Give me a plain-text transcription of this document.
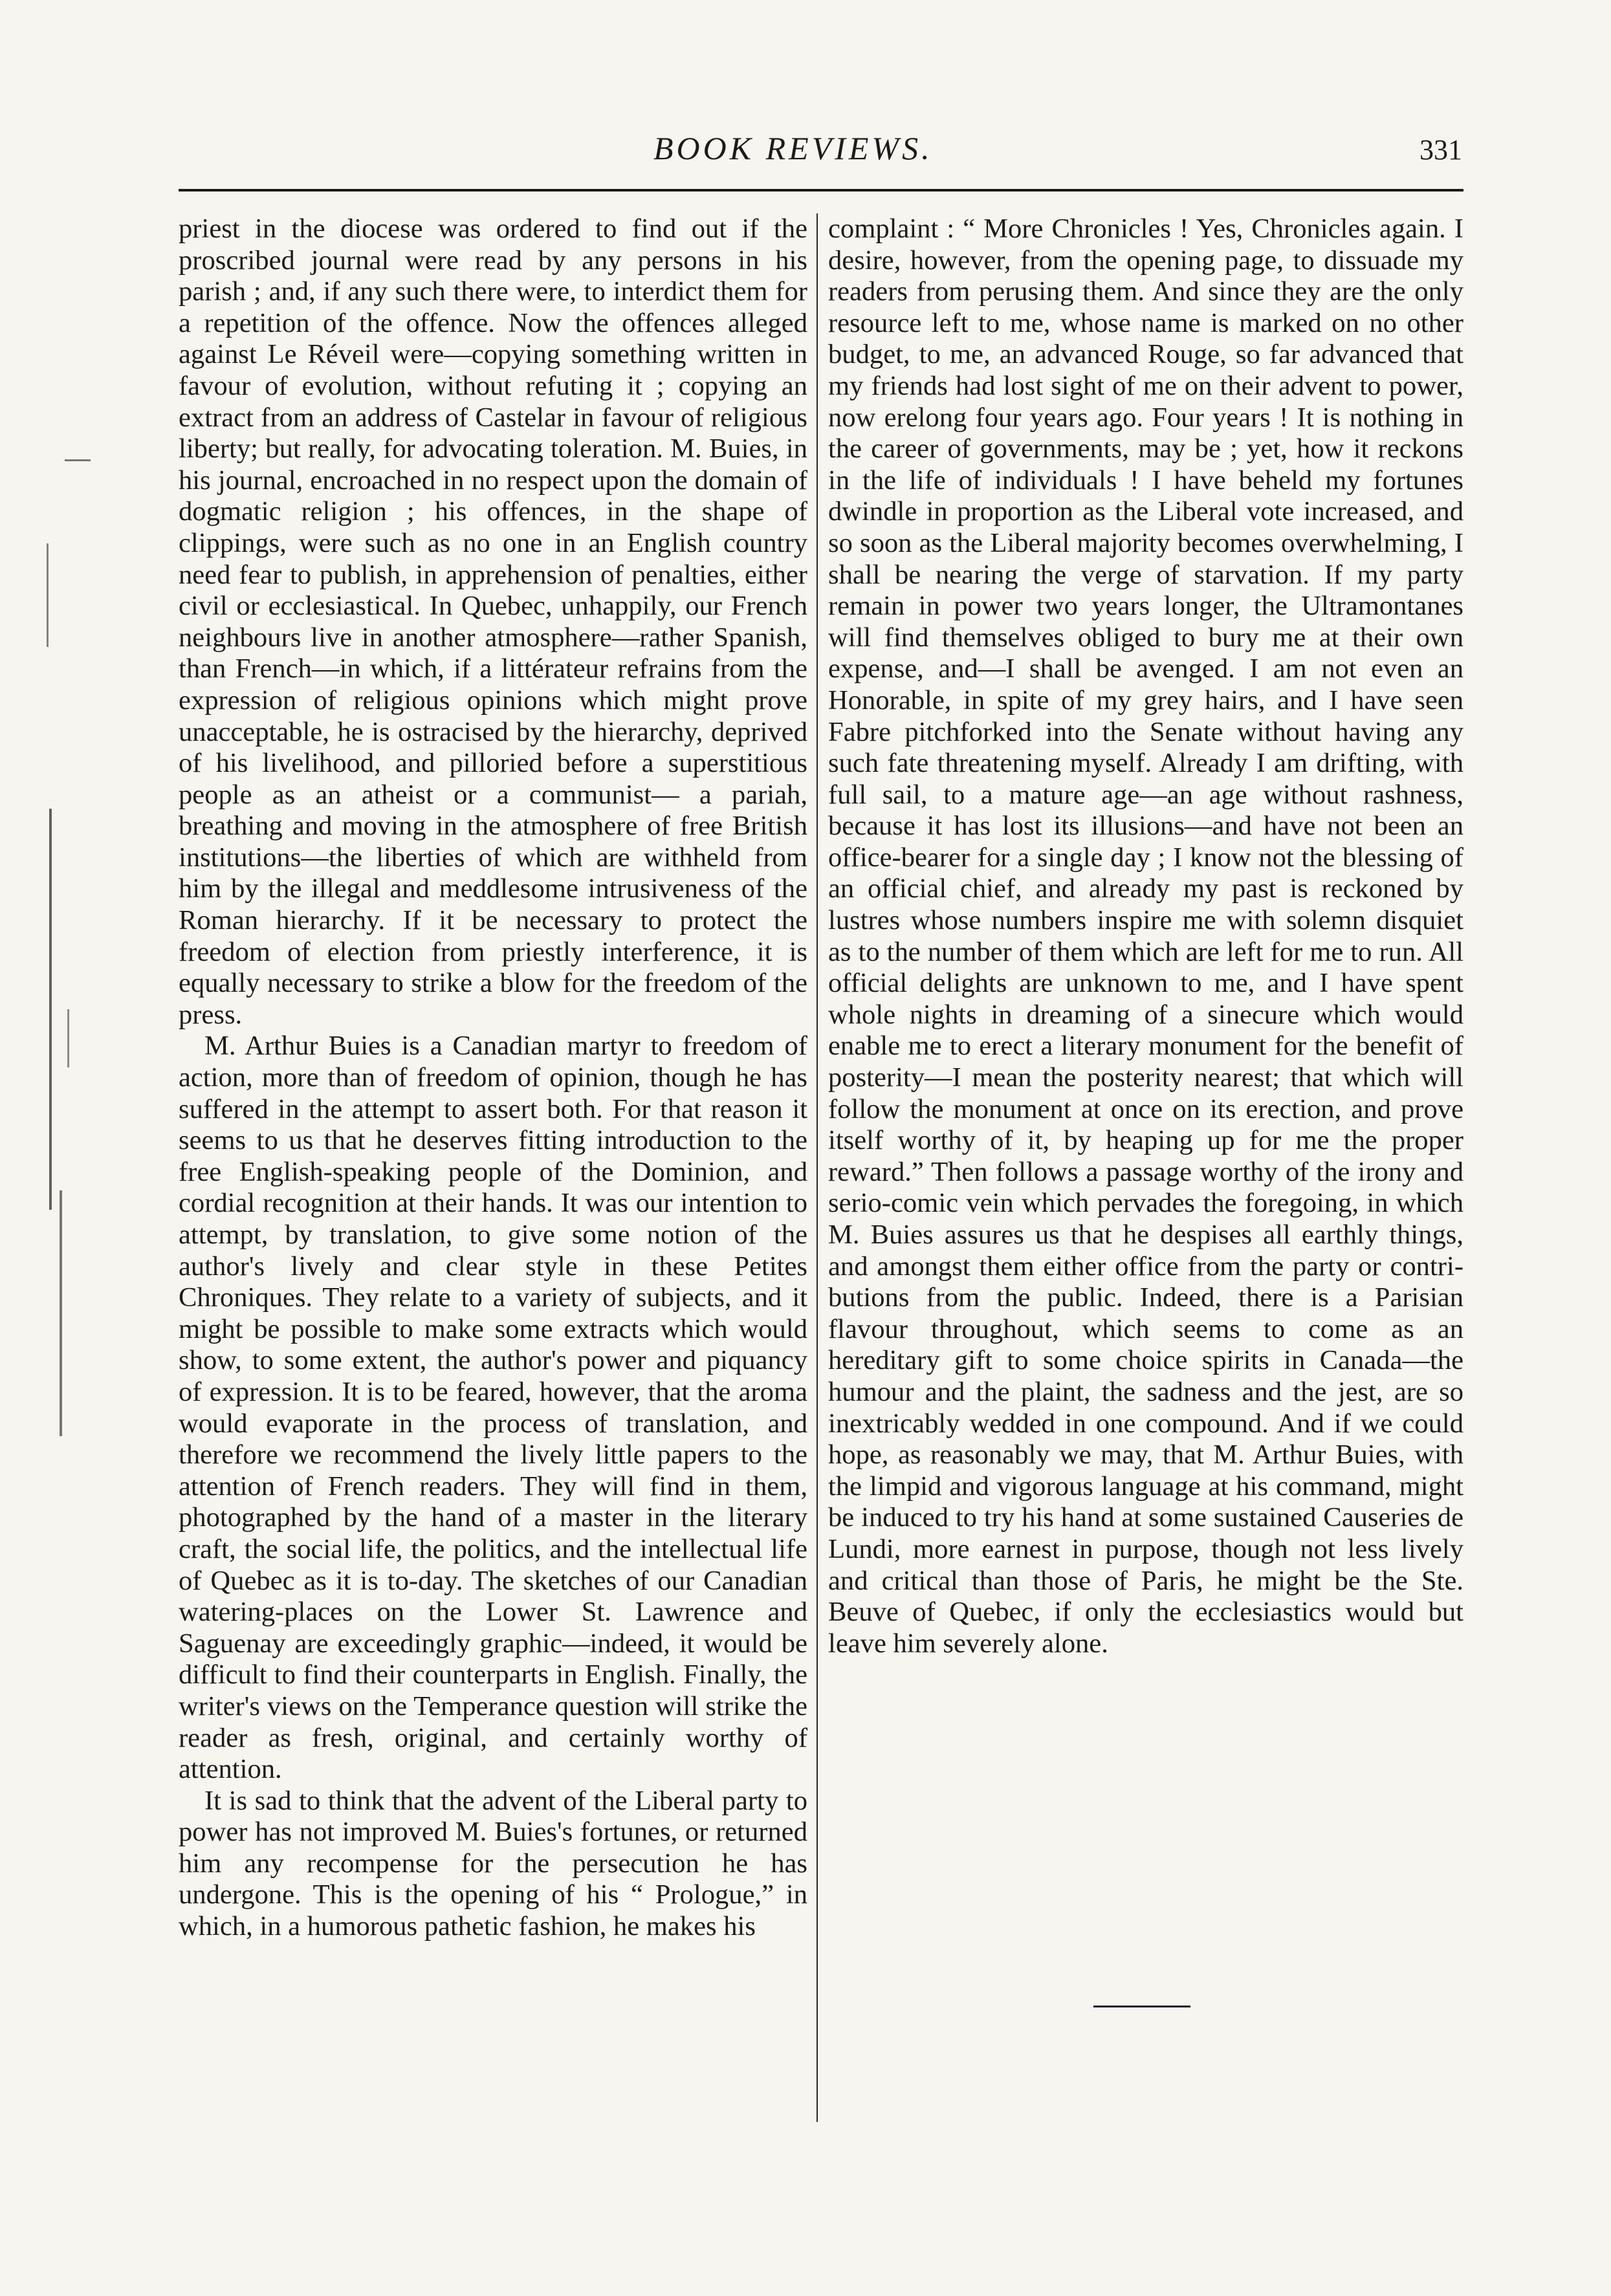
BOOK REVIEWS.	331

priest in the diocese was ordered to find out if the proscribed journal were read by any persons in his parish ; and, if any such there were, to interdict them for a repetition of the offence. Now the offences alleged against Le Réveil were—copying something written in favour of evolution, without refuting it ; copying an extract from an address of Castelar in favour of religious liberty; but really, for advocating toleration. M. Buies, in his journal, encroached in no respect upon the domain of dogmatic religion ; his offences, in the shape of clippings, were such as no one in an English country need fear to publish, in apprehension of penalties, either civil or ecclesiastical. In Quebec, unhappily, our French neighbours live in another atmosphere—rather Spanish, than French—in which, if a littérateur refrains from the expression of religious opinions which might prove unacceptable, he is ostracised by the hierarchy, deprived of his livelihood, and pilloried before a superstitious people as an atheist or a communist— a pariah, breathing and moving in the atmosphere of free British institutions—the liberties of which are withheld from him by the illegal and meddlesome intrusiveness of the Roman hierarchy. If it be necessary to protect the freedom of election from priestly interference, it is equally necessary to strike a blow for the freedom of the press.

M. Arthur Buies is a Canadian martyr to freedom of action, more than of freedom of opinion, though he has suffered in the attempt to assert both. For that reason it seems to us that he deserves fitting introduction to the free English-speaking people of the Dominion, and cordial recognition at their hands. It was our intention to attempt, by translation, to give some notion of the author's lively and clear style in these Petites Chroniques. They relate to a variety of subjects, and it might be possible to make some extracts which would show, to some extent, the author's power and piquancy of expression. It is to be feared, however, that the aroma would evaporate in the process of translation, and therefore we recommend the lively little papers to the attention of French readers. They will find in them, photographed by the hand of a master in the literary craft, the social life, the politics, and the intellectual life of Quebec as it is to-day. The sketches of our Canadian watering-places on the Lower St. Lawrence and Saguenay are exceedingly graphic—indeed, it would be difficult to find their counterparts in English. Finally, the writer's views on the Temperance question will strike the reader as fresh, original, and certainly worthy of attention.

It is sad to think that the advent of the Liberal party to power has not improved M. Buies's fortunes, or returned him any recompense for the persecution he has undergone. This is the opening of his “ Prologue,” in which, in a humorous pathetic fashion, he makes his

complaint : “ More Chronicles ! Yes, Chronicles again. I desire, however, from the opening page, to dissuade my readers from perusing them. And since they are the only resource left to me, whose name is marked on no other budget, to me, an advanced Rouge, so far advanced that my friends had lost sight of me on their advent to power, now erelong four years ago. Four years ! It is nothing in the career of governments, may be ; yet, how it reckons in the life of individuals ! I have beheld my fortunes dwindle in proportion as the Liberal vote increased, and so soon as the Liberal majority becomes overwhelming, I shall be nearing the verge of starvation. If my party remain in power two years longer, the Ultramontanes will find themselves obliged to bury me at their own expense, and—I shall be avenged. I am not even an Honorable, in spite of my grey hairs, and I have seen Fabre pitchforked into the Senate without having any such fate threatening myself. Already I am drifting, with full sail, to a mature age—an age without rashness, because it has lost its illusions—and have not been an office-bearer for a single day ; I know not the blessing of an official chief, and already my past is reckoned by lustres whose numbers inspire me with solemn disquiet as to the number of them which are left for me to run. All official delights are unknown to me, and I have spent whole nights in dreaming of a sinecure which would enable me to erect a literary monument for the benefit of posterity—I mean the posterity nearest; that which will follow the monument at once on its erection, and prove itself worthy of it, by heaping up for me the proper reward.” Then follows a passage worthy of the irony and serio-comic vein which pervades the foregoing, in which M. Buies assures us that he despises all earthly things, and amongst them either office from the party or contributions from the public. Indeed, there is a Parisian flavour throughout, which seems to come as an hereditary gift to some choice spirits in Canada—the humour and the plaint, the sadness and the jest, are so inextricably wedded in one compound. And if we could hope, as reasonably we may, that M. Arthur Buies, with the limpid and vigorous language at his command, might be induced to try his hand at some sustained Causeries de Lundi, more earnest in purpose, though not less lively and critical than those of Paris, he might be the Ste. Beuve of Quebec, if only the ecclesiastics would but leave him severely alone.
